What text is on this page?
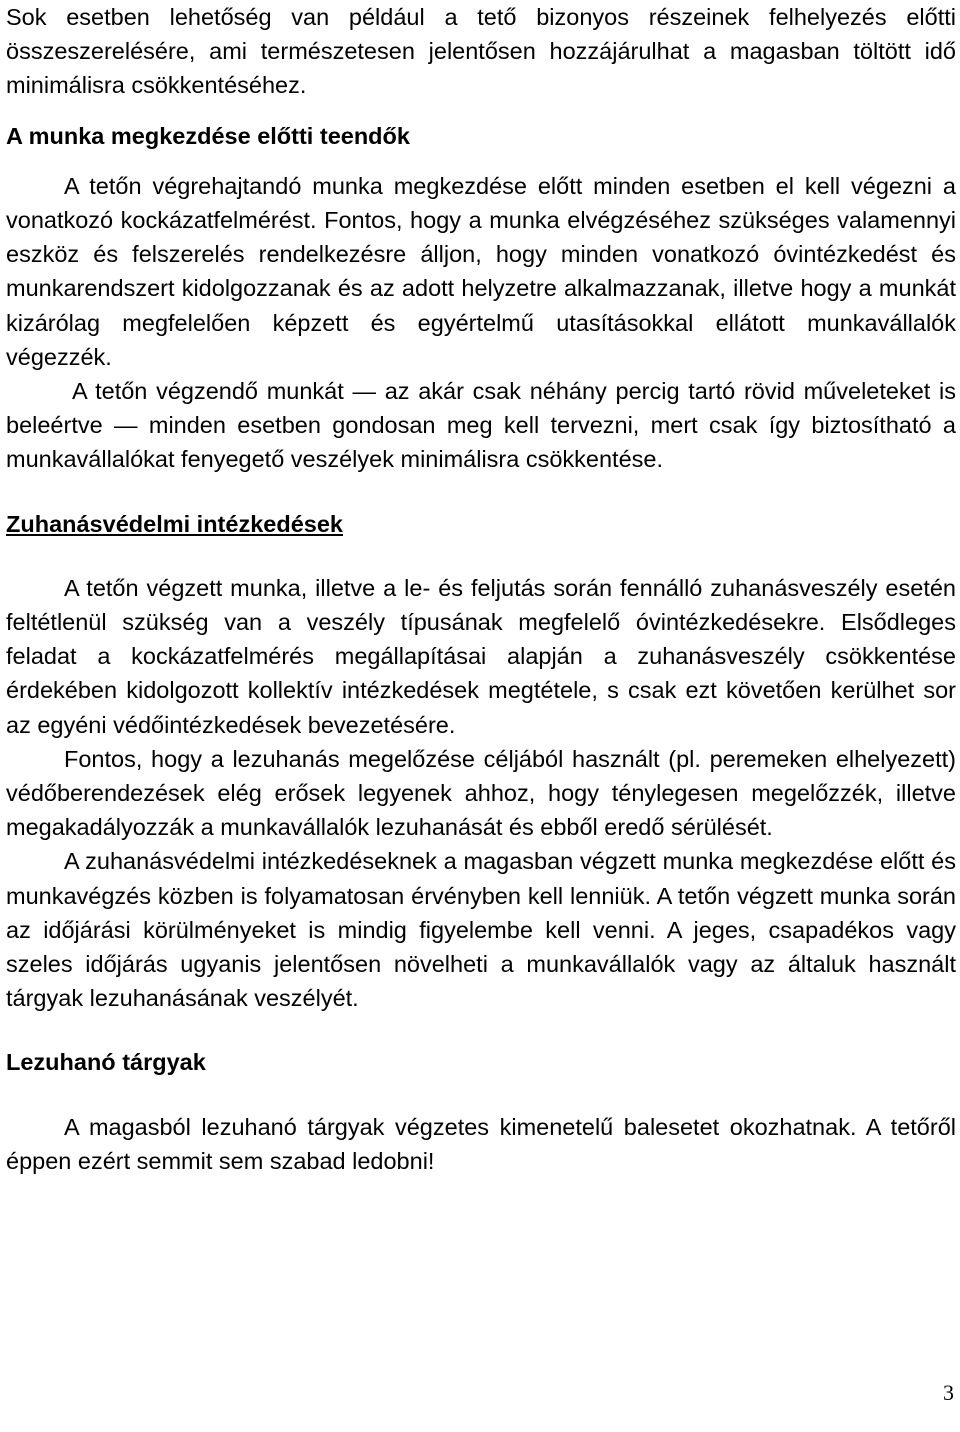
Sok esetben lehetőség van például a tető bizonyos részeinek felhelyezés előtti összeszerelésére, ami természetesen jelentősen hozzájárulhat a magasban töltött idő minimálisra csökkentéséhez.

A munka megkezdése előtti teendők

A tetőn végrehajtandó munka megkezdése előtt minden esetben el kell végezni a vonatkozó kockázatfelmérést. Fontos, hogy a munka elvégzéséhez szükséges valamennyi eszköz és felszerelés rendelkezésre álljon, hogy minden vonatkozó óvintézkedést és munkarendszert kidolgozzanak és az adott helyzetre alkalmazzanak, illetve hogy a munkát kizárólag megfelelően képzett és egyértelmű utasításokkal ellátott munkavállalók végezzék.

A tetőn végzendő munkát — az akár csak néhány percig tartó rövid műveleteket is beleértve — minden esetben gondosan meg kell tervezni, mert csak így biztosítható a munkavállalókat fenyegető veszélyek minimálisra csökkentése.

Zuhanásvédelmi intézkedések

A tetőn végzett munka, illetve a le- és feljutás során fennálló zuhanásveszély esetén feltétlenül szükség van a veszély típusának megfelelő óvintézkedésekre. Elsődleges feladat a kockázatfelmérés megállapításai alapján a zuhanásveszély csökkentése érdekében kidolgozott kollektív intézkedések megtétele, s csak ezt követően kerülhet sor az egyéni védőintézkedések bevezetésére.

Fontos, hogy a lezuhanás megelőzése céljából használt (pl. peremeken elhelyezett) védőberendezések elég erősek legyenek ahhoz, hogy ténylegesen megelőzzék, illetve megakadályozzák a munkavállalók lezuhanását és ebből eredő sérülését.

A zuhanásvédelmi intézkedéseknek a magasban végzett munka megkezdése előtt és munkavégzés közben is folyamatosan érvényben kell lenniük. A tetőn végzett munka során az időjárási körülményeket is mindig figyelembe kell venni. A jeges, csapadékos vagy szeles időjárás ugyanis jelentősen növelheti a munkavállalók vagy az általuk használt tárgyak lezuhanásának veszélyét.

Lezuhanó tárgyak

A magasból lezuhanó tárgyak végzetes kimenetelű balesetet okozhatnak. A tetőről éppen ezért semmit sem szabad ledobni!

3
